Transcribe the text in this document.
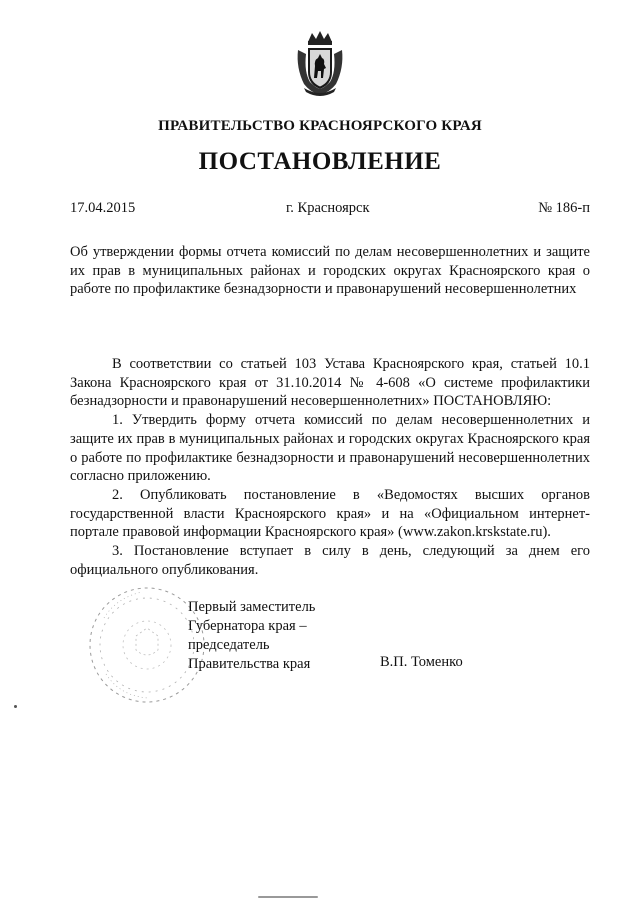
ПРАВИТЕЛЬСТВО КРАСНОЯРСКОГО КРАЯ
ПОСТАНОВЛЕНИЕ
17.04.2015	г. Красноярск	№ 186-п
Об утверждении формы отчета комиссий по делам несовершеннолетних и защите их прав в муниципальных районах и городских округах Красноярского края о работе по профилактике безнадзорности и правонарушений несовершеннолетних

В соответствии со статьей 103 Устава Красноярского края, статьей 10.1 Закона Красноярского края от 31.10.2014 № 4-608 «О системе профилактики безнадзорности и правонарушений несовершеннолетних» ПОСТАНОВЛЯЮ:

1. Утвердить форму отчета комиссий по делам несовершеннолетних и защите их прав в муниципальных районах и городских округах Красноярского края о работе по профилактике безнадзорности и правонарушений несовершеннолетних согласно приложению.

2. Опубликовать постановление в «Ведомостях высших органов государственной власти Красноярского края» и на «Официальном интернет-портале правовой информации Красноярского края» (www.zakon.krskstate.ru).

3. Постановление вступает в силу в день, следующий за днем его официального опубликования.

Первый заместитель
Губернатора края –
председатель
Правительства края	В.П. Томенко
